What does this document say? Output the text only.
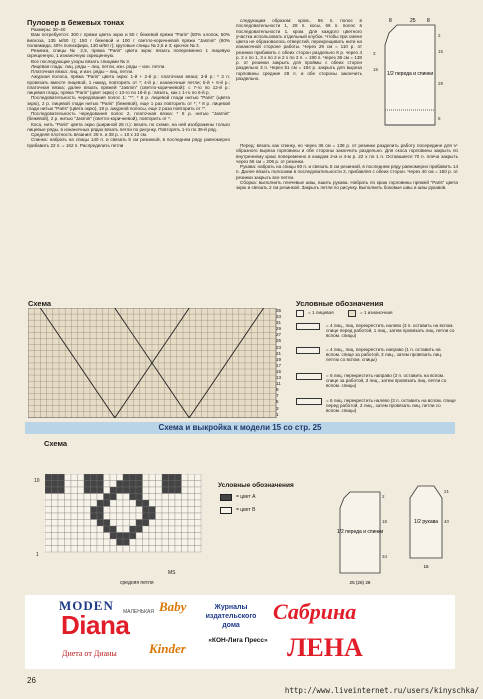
Пуловер в бежевых тонах

Размеры: 36–40

Вам потребуется: 300 г пряжи цвета экрю и 50 г бежевой пряжи "Paris" (50% хлопок, 50% вискоза, 135 м/50 г); 150 г бежевой и 100 г светло-коричневой пряжи "Jasmin" (60% полиамида, 40% полиэфира, 130 м/50 г); круговые спицы № 2,5 и 3; крючок № 3.

Резинка, спицы № 2,5, пряжа "Paris" цвета экрю: вязать попеременно 1 лицевую скрещенную, 1 изнаночную скрещенную.

Все последующие узоры вязать спицами № 3.

Лицевая гладь: лиц. ряды – лиц. петли, изн. ряды – изн. петли.

Платочная вязка: лиц. и изн. ряды – лиц. петли.

Ажурная полоса, пряжа "Paris" цвета экрю: 1-й + 2-й р.: платочная вязка; 3-й р.: * 2 п. провязать вместе лицевой, 1 накид, повторить от *; 4-й р.: изнаночные петли; 5-й + 6-й р.: платочная вязка; далее вязать пряжей "Jasmin" (светло-коричневой): с 7-го по 12-й р.: лицевая гладь; пряжа "Paris" (цвет экрю) с 13-го по 18-й р.: вязать, как с 1-го по 6-й р.

Последовательность чередования полос 1: "*", * 8 р. лицевой глади нитью "Paris" (цвета экрю), 2 р. лицевой глади нитью "Paris" (бежевой), еще 1 раз повторить от *; * 8 р. лицевой глади нитью "Paris" (цвета экрю), 18 р. ажурной полосы, еще 2 раза повторить от *".

Последовательность чередования полос 2, платочная вязка: * 8 р. нитью "Jasmin" (бежевой), 2 р. нитью "Jasmin" (светло-коричневой), повторить от *.

Коса, нить "Paris" цвета экрю (шириной 28 п.): вязать по схеме, на ней изображены только лицевые ряды, в изнаночных рядах вязать петли по рисунку. Повторять 1-го по 36-й ряд.

Средняя плотность вязания: 28 п. и 38 р. = 10 х 10 см.

Спинка: набрать на спицы 140 п. и связать 5 см резинкой, в последнем ряду равномерно прибавить 22 п. = 162 п. Распределить петли

следующим образом: кром., 66 п. полос в последовательности 1, 28 п. косы, 66 п. полос в последовательности 1, кром. Для каждого цветного участка использовать отдельный клубок. Чтобы при смене цвета не образовалось отверстий, перекрещивать нити на изнаночной стороне работы. Через 29 см = 110 р. от резинки прибавить с обеих сторон раздельно 8 р. через 4 р. 2 х по 1, 3 х по 2 и 2 х по 3 п. = 190 п. Через 36 см = 138 р. от резинки закрыть для проймы с обеих сторон раздельно 3 п. Через 51 см = 194 р. закрыть для выреза горловины средние 28 п. и обе стороны закончить раздельно.

Перед: вязать как спинку, но через 36 см = 138 р. от резинки разделить работу посередине для V-образного выреза горловины и обе стороны закончить раздельно. Для скоса горловины закрыть по внутреннему краю попеременно в каждом 2-м и 4-м р. 22 х по 1 п. Оставшиеся 70 п. плеча закрыть через 56 см = 206 р. от резинки.

Рукава: набрать на спицы 60 п. и связать 5 см резинкой, в последнем ряду равномерно прибавить 14 п. Далее вязать полосами в последовательности 2, прибавляя с обеих сторон. Через 40 см = 150 р. от резинки закрыть все петли.

Сборка: выполнить плечевые швы, вшить рукава. Набрать по краю горловины пряжей "Paris" цвета экрю и связать 2 см резинкой. Закрыть петли по рисунку. Выполнить боковые швы и швы рукавов.

8	25 8
1/2 переда и спинки
2
15
29
5
3
15
Схема
35
33
31
29
27
25
23
21
19
17
15
13
11
9
7
5
3
1
Условные обозначения
= 1 лицевая	= 1 изнаночная
= 4 лиц., лиц. перекрестить налево (3 п. оставить на вспом. спице перед работой, 1 лиц., затем провязать лиц. петли со вспом. спицы)
= 4 лиц., лиц. перекрестить направо (1 п. оставить на вспом. спице за работой, 3 лиц., затем провязать лиц. петлю со вспом. спицы)
= 6 лиц. перекрестить направо (3 п. оставить на вспом. спице за работой, 3 лиц., затем провязать лиц. петли со вспом. спицы)
= 6 лиц. перекрестить налево (3 п. оставить на вспом. спице перед работой, 3 лиц., затем провязать лиц. петли со вспом. спицы)
Схема и выкройка к модели 15 со стр. 25
Схема
10
1
MS
средняя петля
Условные обозначения
= цвет A
= цвет B
1/2 переда и спинки
1/2 рукава
25 (26) 28
16
2
18
34
21
40
MODEN МАЛЕНЬКАЯ
Diana
Baby
Kinder
Диета от Дианы
Журналы издательского дома
«КОН-Лига Пресс»
Сабрина
ЛЕНА
26
http://www.liveinternet.ru/users/kinyschka/
